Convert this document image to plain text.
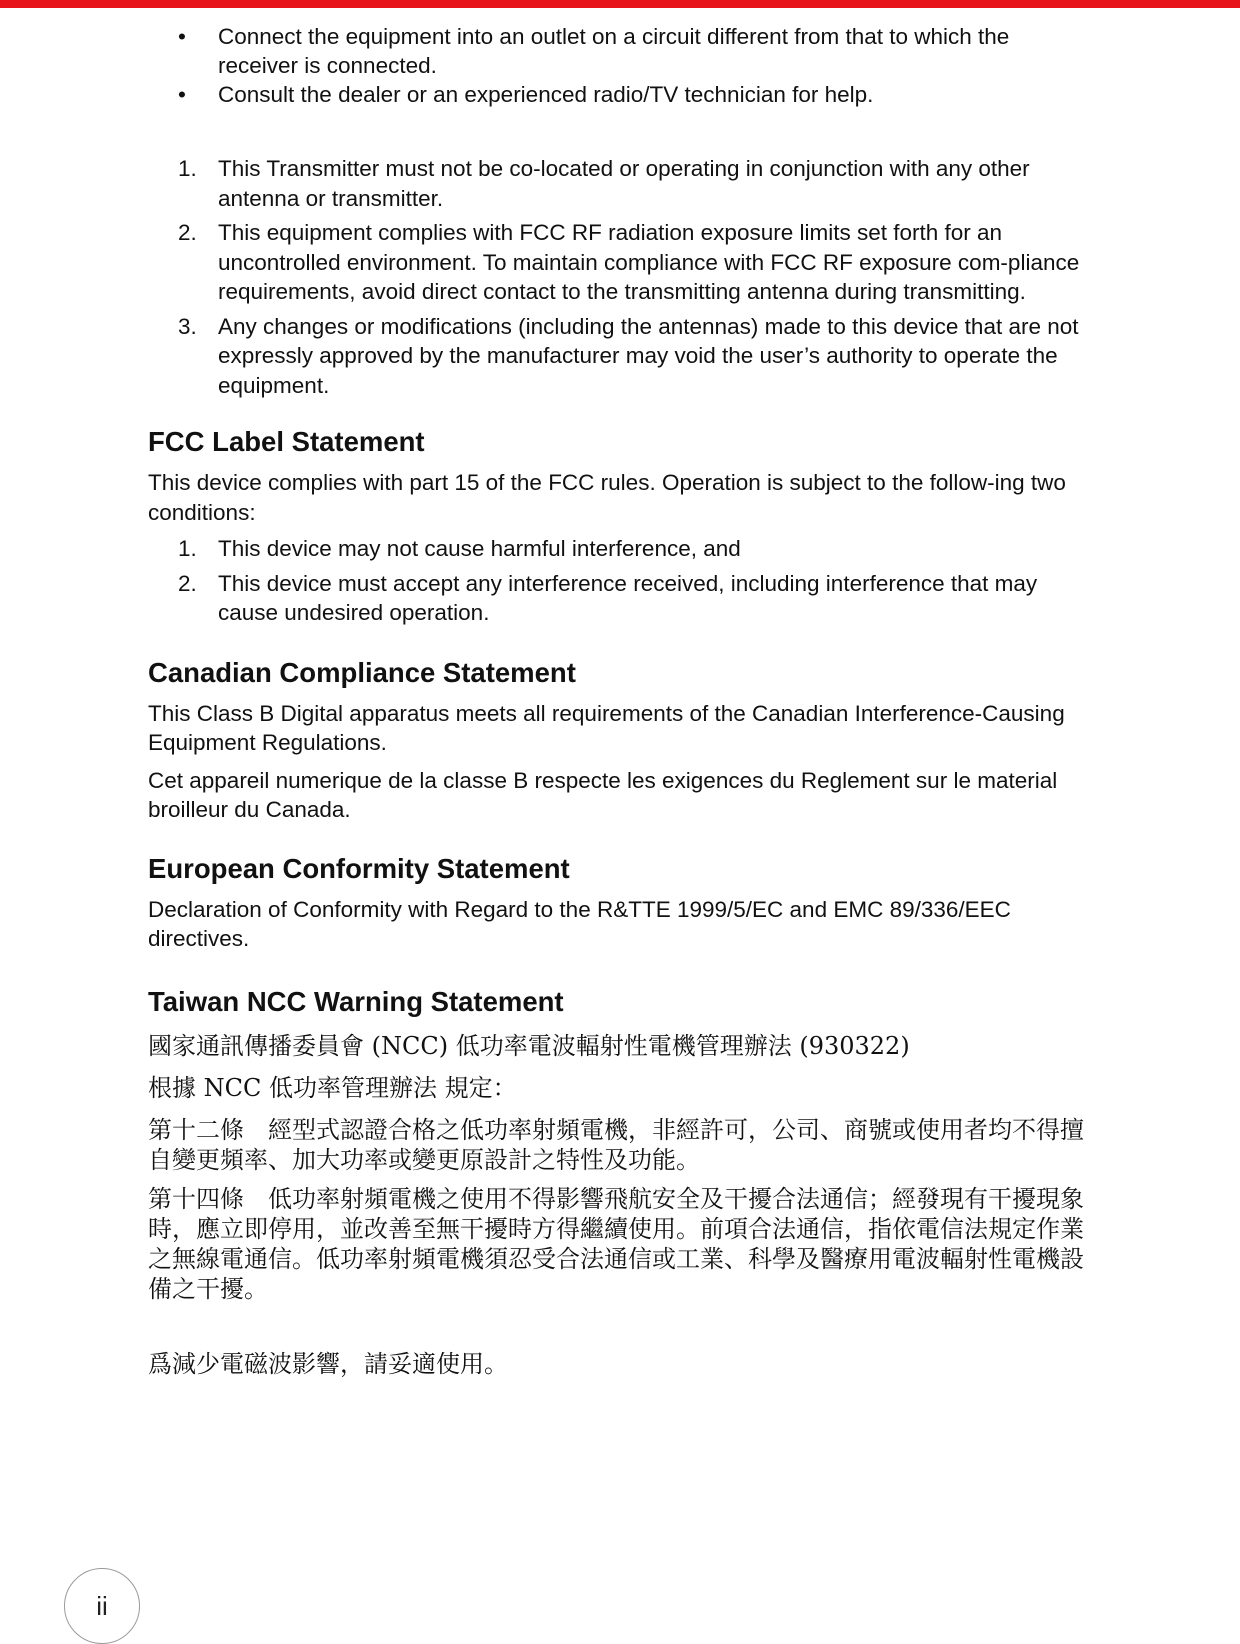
• Connect the equipment into an outlet on a circuit different from that to which the receiver is connected.
• Consult the dealer or an experienced radio/TV technician for help.
1. This Transmitter must not be co-located or operating in conjunction with any other antenna or transmitter.
2. This equipment complies with FCC RF radiation exposure limits set forth for an uncontrolled environment. To maintain compliance with FCC RF exposure com-pliance requirements, avoid direct contact to the transmitting antenna during transmitting.
3. Any changes or modifications (including the antennas) made to this device that are not expressly approved by the manufacturer may void the user’s authority to operate the equipment.
FCC Label Statement

This device complies with part 15 of the FCC rules. Operation is subject to the follow-ing two conditions:

1. This device may not cause harmful interference, and
2. This device must accept any interference received, including interference that may cause undesired operation.
Canadian Compliance Statement

This Class B Digital apparatus meets all requirements of the Canadian Interference-Causing Equipment Regulations.

Cet appareil numerique de la classe B respecte les exigences du Reglement sur le material broilleur du Canada.

European Conformity Statement

Declaration of Conformity with Regard to the R&TTE 1999/5/EC and EMC 89/336/EEC directives.

Taiwan NCC Warning Statement

國家通訊傳播委員會 (NCC) 低功率電波輻射性電機管理辦法 (930322)

根據 NCC 低功率管理辦法 規定：

第十二條　經型式認證合格之低功率射頻電機，非經許可，公司、商號或使用者均不得擅自變更頻率、加大功率或變更原設計之特性及功能。

第十四條　低功率射頻電機之使用不得影響飛航安全及干擾合法通信；經發現有干擾現象時，應立即停用，並改善至無干擾時方得繼續使用。前項合法通信，指依電信法規定作業之無線電通信。低功率射頻電機須忍受合法通信或工業、科學及醫療用電波輻射性電機設備之干擾。

爲減少電磁波影響，請妥適使用。

ii
